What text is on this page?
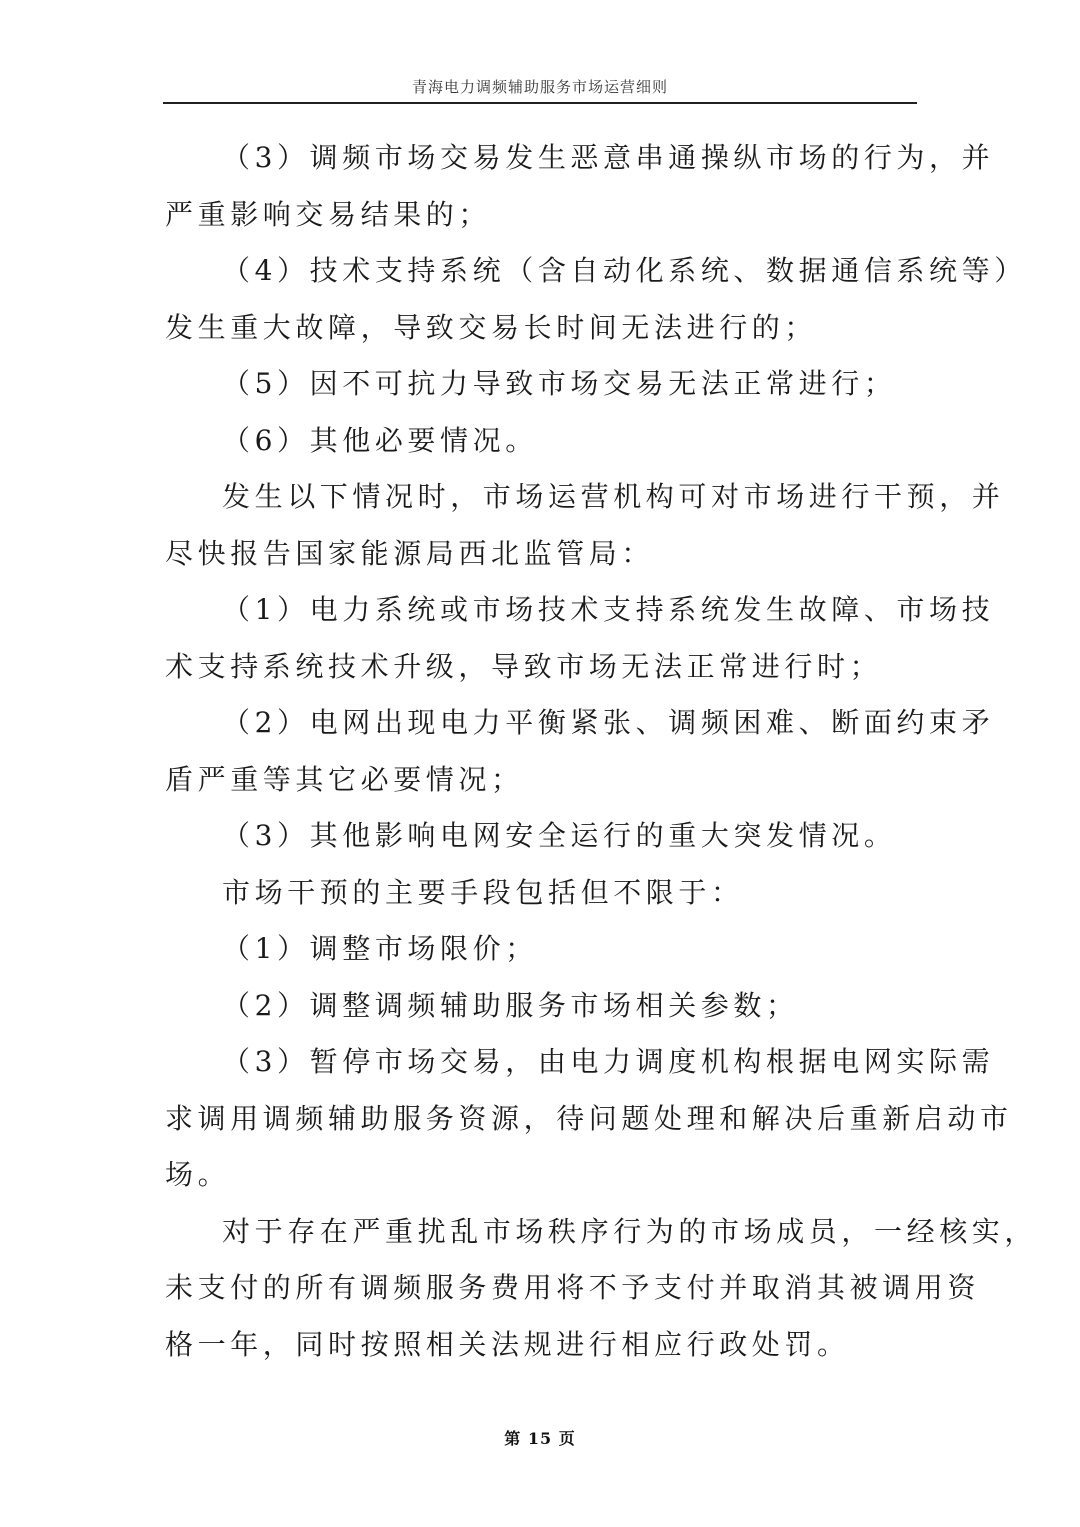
青海电力调频辅助服务市场运营细则
（3）调频市场交易发生恶意串通操纵市场的行为，并
严重影响交易结果的；
（4）技术支持系统（含自动化系统、数据通信系统等）
发生重大故障，导致交易长时间无法进行的；
（5）因不可抗力导致市场交易无法正常进行；
（6）其他必要情况。
发生以下情况时，市场运营机构可对市场进行干预，并
尽快报告国家能源局西北监管局：
（1）电力系统或市场技术支持系统发生故障、市场技
术支持系统技术升级，导致市场无法正常进行时；
（2）电网出现电力平衡紧张、调频困难、断面约束矛
盾严重等其它必要情况；
（3）其他影响电网安全运行的重大突发情况。
市场干预的主要手段包括但不限于：
（1）调整市场限价；
（2）调整调频辅助服务市场相关参数；
（3）暂停市场交易，由电力调度机构根据电网实际需
求调用调频辅助服务资源，待问题处理和解决后重新启动市
场。
对于存在严重扰乱市场秩序行为的市场成员，一经核实，
未支付的所有调频服务费用将不予支付并取消其被调用资
格一年，同时按照相关法规进行相应行政处罚。
第 15 页
